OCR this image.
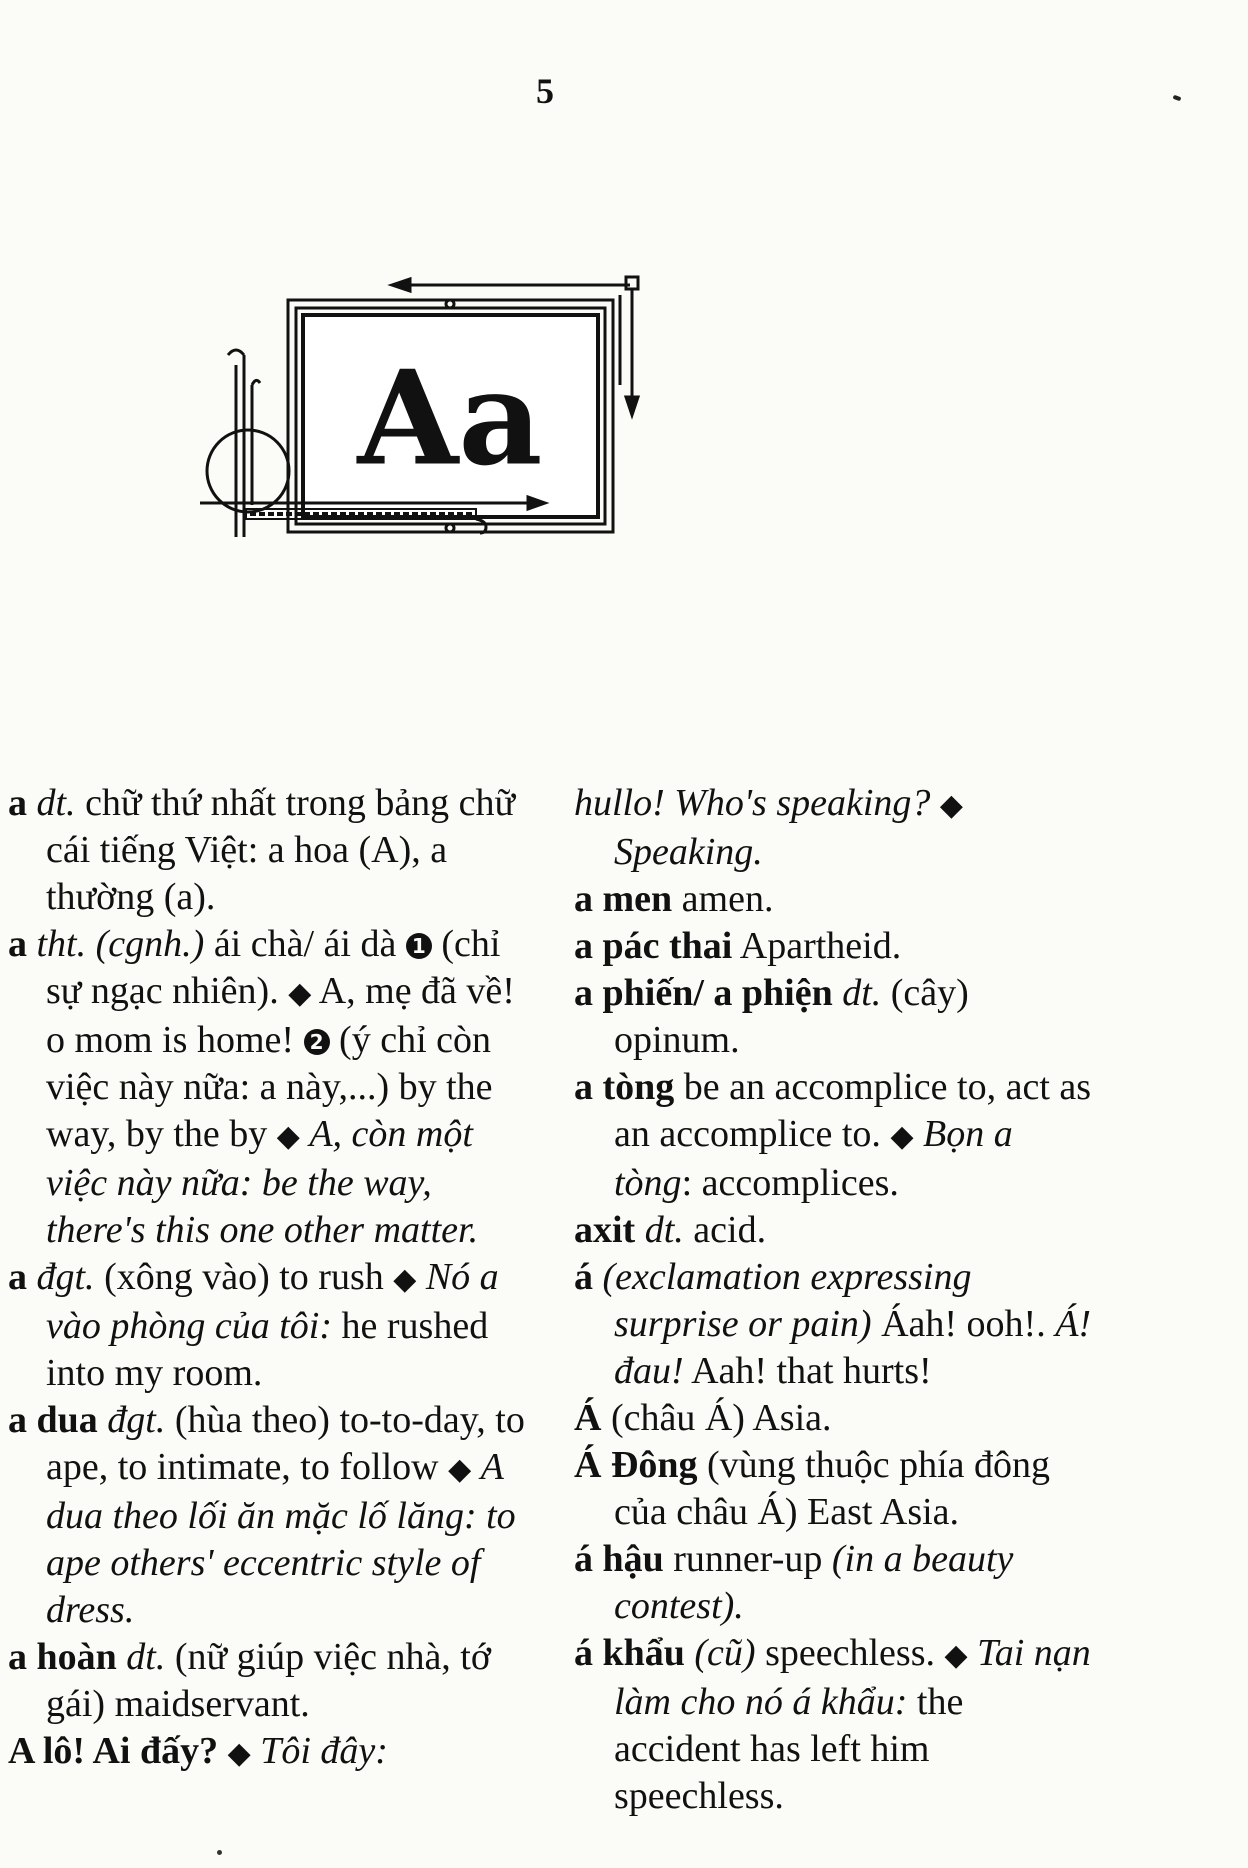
5
Aa

a dt. chữ thứ nhất trong bảng chữ cái tiếng Việt: a hoa (A), a thường (a).

a tht. (cgnh.) ái chà/ ái dà 1 (chỉ sự ngạc nhiên). ◆ A, mẹ đã về! o mom is home! 2 (ý chỉ còn việc này nữa: a này,...) by the way, by the by ◆ A, còn một việc này nữa: be the way, there's this one other matter.

a đgt. (xông vào) to rush ◆ Nó a vào phòng của tôi: he rushed into my room.

a dua đgt. (hùa theo) to-to-day, to ape, to intimate, to follow ◆ A dua theo lối ăn mặc lố lăng: to ape others' eccentric style of dress.

a hoàn dt. (nữ giúp việc nhà, tớ gái) maidservant.

A lô! Ai đấy? ◆ Tôi đây:

hullo! Who's speaking? ◆ Speaking.

a men amen.

a pác thai Apartheid.

a phiến/ a phiện dt. (cây) opinum.

a tòng be an accomplice to, act as an accomplice to. ◆ Bọn a tòng: accomplices.

axit dt. acid.

á (exclamation expressing surprise or pain) Áah! ooh!. Á! đau! Aah! that hurts!

Á (châu Á) Asia.

Á Đông (vùng thuộc phía đông của châu Á) East Asia.

á hậu runner-up (in a beauty contest).

á khẩu (cũ) speechless. ◆ Tai nạn làm cho nó á khẩu: the accident has left him speechless.
